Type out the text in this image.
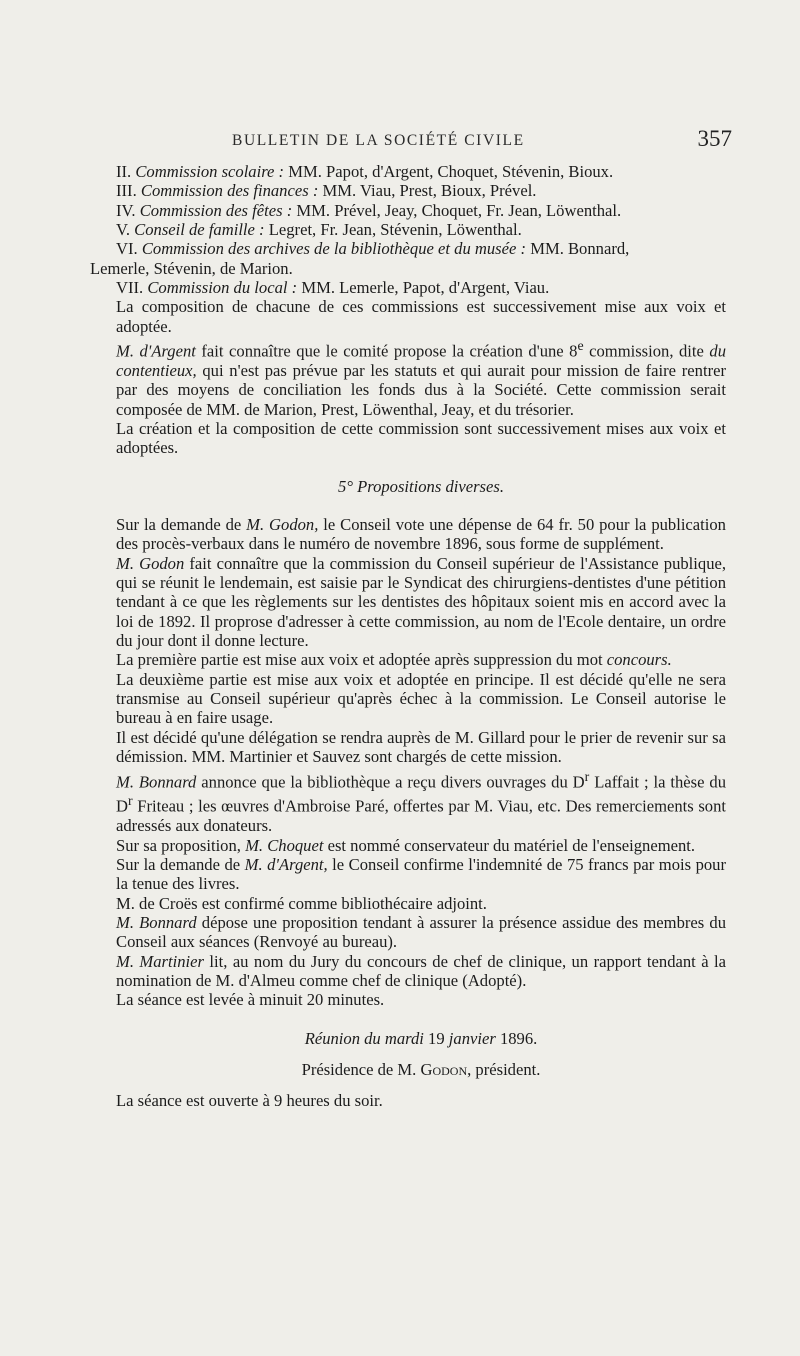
BULLETIN DE LA SOCIÉTÉ CIVILE	357

II. Commission scolaire : MM. Papot, d'Argent, Choquet, Stévenin, Bioux.

III. Commission des finances : MM. Viau, Prest, Bioux, Prével.

IV. Commission des fêtes : MM. Prével, Jeay, Choquet, Fr. Jean, Löwenthal.

V. Conseil de famille : Legret, Fr. Jean, Stévenin, Löwenthal.

VI. Commission des archives de la bibliothèque et du musée : MM. Bonnard,
Lemerle, Stévenin, de Marion.

VII. Commission du local : MM. Lemerle, Papot, d'Argent, Viau.

La composition de chacune de ces commissions est successivement mise aux voix et adoptée.

M. d'Argent fait connaître que le comité propose la création d'une 8e commission, dite du contentieux, qui n'est pas prévue par les statuts et qui aurait pour mission de faire rentrer par des moyens de conciliation les fonds dus à la Société. Cette commission serait composée de MM. de Marion, Prest, Löwenthal, Jeay, et du trésorier.

La création et la composition de cette commission sont successivement mises aux voix et adoptées.

5° Propositions diverses.

Sur la demande de M. Godon, le Conseil vote une dépense de 64 fr. 50 pour la publication des procès-verbaux dans le numéro de novembre 1896, sous forme de supplément.

M. Godon fait connaître que la commission du Conseil supérieur de l'Assistance publique, qui se réunit le lendemain, est saisie par le Syndicat des chirurgiens-dentistes d'une pétition tendant à ce que les règlements sur les dentistes des hôpitaux soient mis en accord avec la loi de 1892. Il proprose d'adresser à cette commission, au nom de l'Ecole dentaire, un ordre du jour dont il donne lecture.

La première partie est mise aux voix et adoptée après suppression du mot concours.

La deuxième partie est mise aux voix et adoptée en principe. Il est décidé qu'elle ne sera transmise au Conseil supérieur qu'après échec à la commission. Le Conseil autorise le bureau à en faire usage.

Il est décidé qu'une délégation se rendra auprès de M. Gillard pour le prier de revenir sur sa démission. MM. Martinier et Sauvez sont chargés de cette mission.

M. Bonnard annonce que la bibliothèque a reçu divers ouvrages du $D^r$ Laffait ; la thèse du $D^r$ Friteau ; les œuvres d'Ambroise Paré, offertes par M. Viau, etc. Des remerciements sont adressés aux donateurs.

Sur sa proposition, M. Choquet est nommé conservateur du matériel de l'enseignement.

Sur la demande de M. d'Argent, le Conseil confirme l'indemnité de 75 francs par mois pour la tenue des livres.

M. de Croës est confirmé comme bibliothécaire adjoint.

M. Bonnard dépose une proposition tendant à assurer la présence assidue des membres du Conseil aux séances (Renvoyé au bureau).

M. Martinier lit, au nom du Jury du concours de chef de clinique, un rapport tendant à la nomination de M. d'Almeu comme chef de clinique (Adopté).

La séance est levée à minuit 20 minutes.

Réunion du mardi 19 janvier 1896.

Présidence de M. Godon, président.

La séance est ouverte à 9 heures du soir.
